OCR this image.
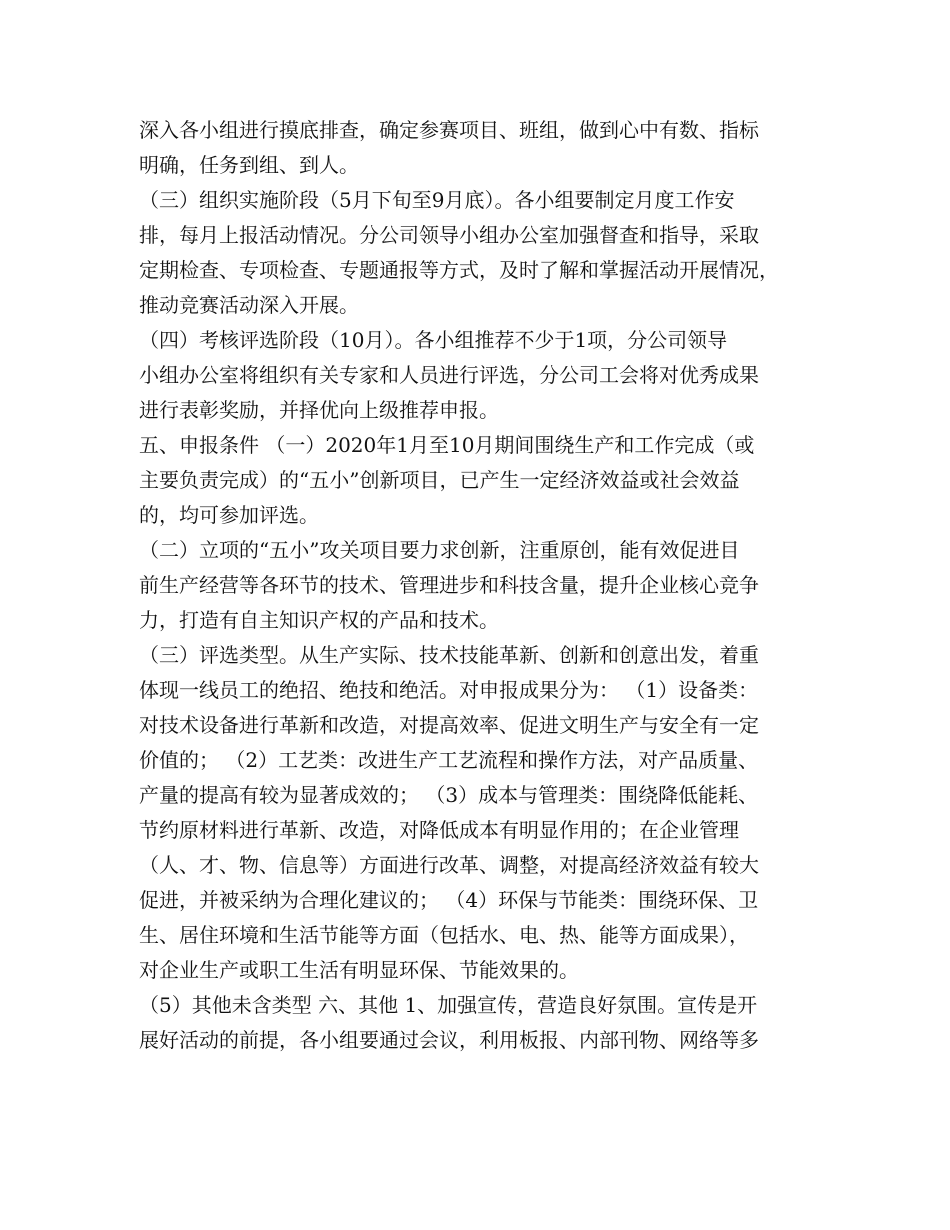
深入各小组进行摸底排查，确定参赛项目、班组，做到心中有数、指标
明确，任务到组、到人。
（三）组织实施阶段（5月下旬至9月底）。各小组要制定月度工作安
排，每月上报活动情况。分公司领导小组办公室加强督查和指导，采取
定期检查、专项检查、专题通报等方式，及时了解和掌握活动开展情况，
推动竞赛活动深入开展。
（四）考核评选阶段（10月）。各小组推荐不少于1项，分公司领导
小组办公室将组织有关专家和人员进行评选，分公司工会将对优秀成果
进行表彰奖励，并择优向上级推荐申报。
五、申报条件 （一）2020年1月至10月期间围绕生产和工作完成（或
主要负责完成）的“五小”创新项目，已产生一定经济效益或社会效益
的，均可参加评选。
（二）立项的“五小”攻关项目要力求创新，注重原创，能有效促进目
前生产经营等各环节的技术、管理进步和科技含量，提升企业核心竞争
力，打造有自主知识产权的产品和技术。
（三）评选类型。从生产实际、技术技能革新、创新和创意出发，着重
体现一线员工的绝招、绝技和绝活。对申报成果分为： （1）设备类：
对技术设备进行革新和改造，对提高效率、促进文明生产与安全有一定
价值的； （2）工艺类：改进生产工艺流程和操作方法，对产品质量、
产量的提高有较为显著成效的； （3）成本与管理类：围绕降低能耗、
节约原材料进行革新、改造，对降低成本有明显作用的；在企业管理
（人、才、物、信息等）方面进行改革、调整，对提高经济效益有较大
促进，并被采纳为合理化建议的； （4）环保与节能类：围绕环保、卫
生、居住环境和生活节能等方面（包括水、电、热、能等方面成果），
对企业生产或职工生活有明显环保、节能效果的。
（5）其他未含类型 六、其他 1、加强宣传，营造良好氛围。宣传是开
展好活动的前提，各小组要通过会议，利用板报、内部刊物、网络等多
